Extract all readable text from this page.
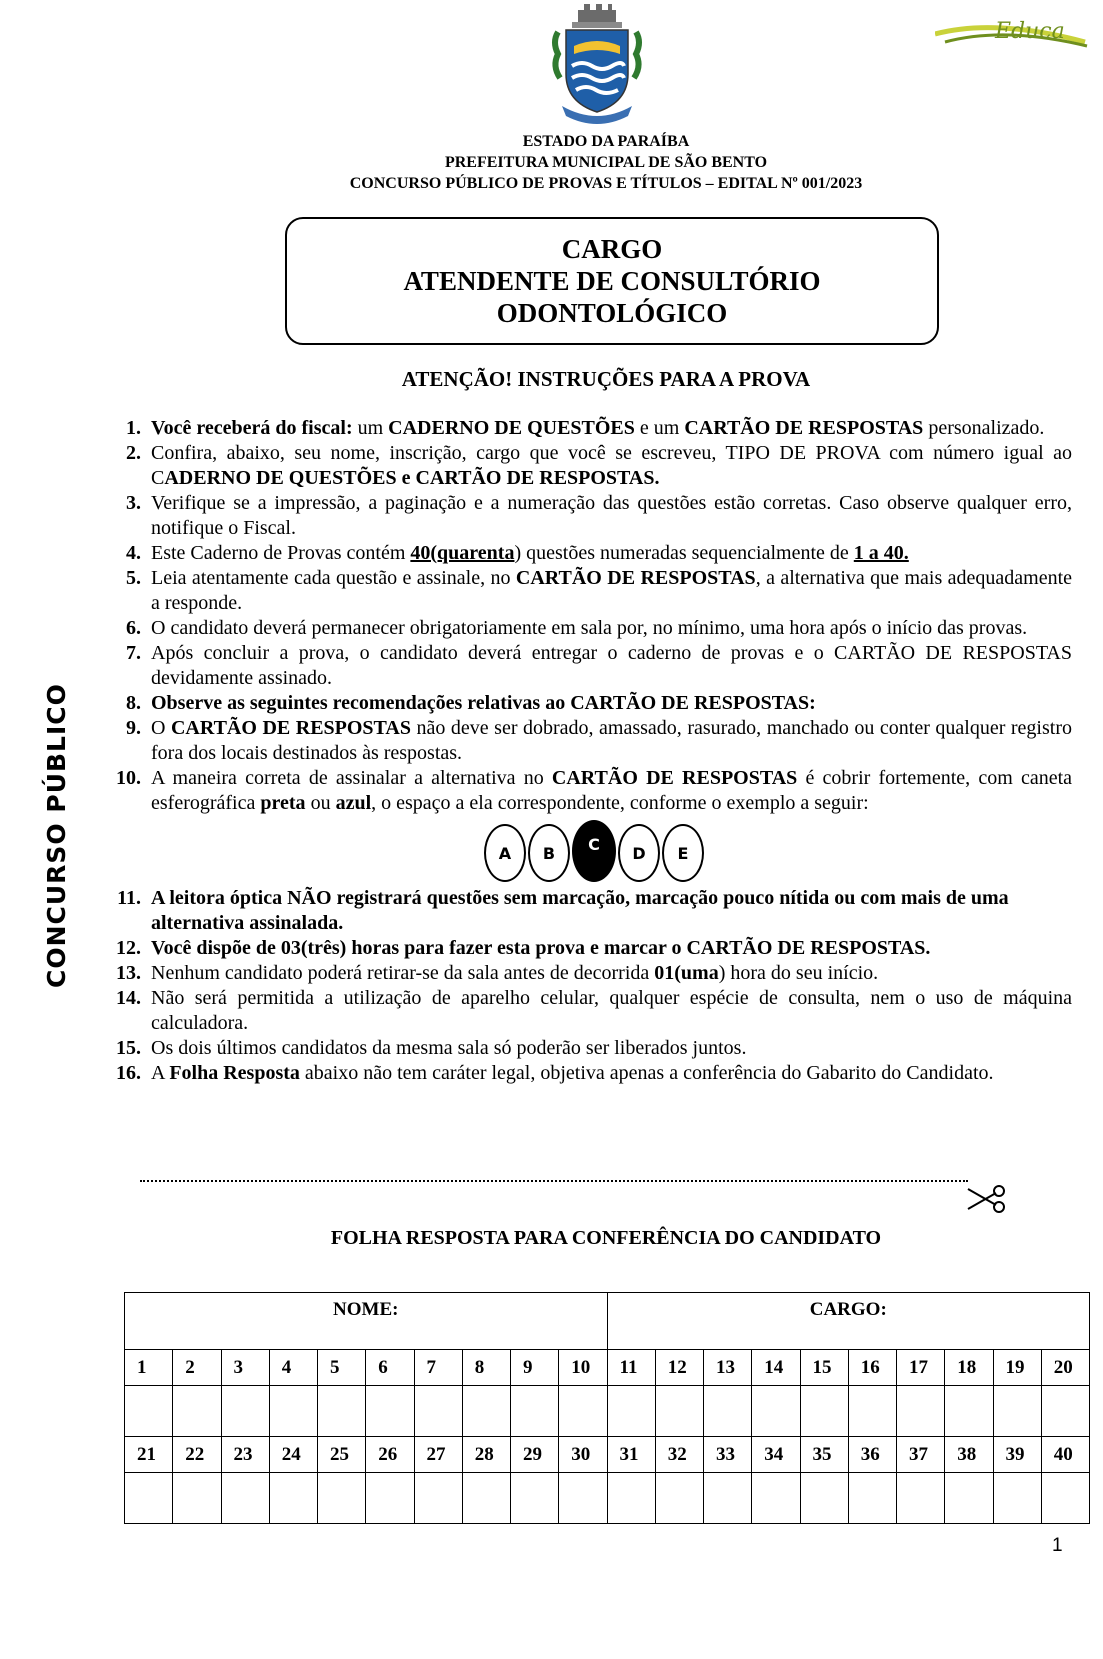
Educa
ESTADO DA PARAÍBA
PREFEITURA MUNICIPAL DE SÃO BENTO
CONCURSO PÚBLICO DE PROVAS E TÍTULOS – EDITAL Nº 001/2023
CARGO
ATENDENTE DE CONSULTÓRIO
ODONTOLÓGICO
ATENÇÃO! INSTRUÇÕES PARA A PROVA
1. Você receberá do fiscal: um CADERNO DE QUESTÕES e um CARTÃO DE RESPOSTAS personalizado.
2. Confira, abaixo, seu nome, inscrição, cargo que você se escreveu, TIPO DE PROVA com número igual ao CADERNO DE QUESTÕES e CARTÃO DE RESPOSTAS.
3. Verifique se a impressão, a paginação e a numeração das questões estão corretas. Caso observe qualquer erro, notifique o Fiscal.
4. Este Caderno de Provas contém 40(quarenta) questões numeradas sequencialmente de 1 a 40.
5. Leia atentamente cada questão e assinale, no CARTÃO DE RESPOSTAS, a alternativa que mais adequadamente a responde.
6. O candidato deverá permanecer obrigatoriamente em sala por, no mínimo, uma hora após o início das provas.
7. Após concluir a prova, o candidato deverá entregar o caderno de provas e o CARTÃO DE RESPOSTAS devidamente assinado.
8. Observe as seguintes recomendações relativas ao CARTÃO DE RESPOSTAS:
9. O CARTÃO DE RESPOSTAS não deve ser dobrado, amassado, rasurado, manchado ou conter qualquer registro fora dos locais destinados às respostas.
10. A maneira correta de assinalar a alternativa no CARTÃO DE RESPOSTAS é cobrir fortemente, com caneta esferográfica preta ou azul, o espaço a ela correspondente, conforme o exemplo a seguir:
A	B	C	D	E
11. A leitora óptica NÃO registrará questões sem marcação, marcação pouco nítida ou com mais de uma alternativa assinalada.
12. Você dispõe de 03(três) horas para fazer esta prova e marcar o CARTÃO DE RESPOSTAS.
13. Nenhum candidato poderá retirar-se da sala antes de decorrida 01(uma) hora do seu início.
14. Não será permitida a utilização de aparelho celular, qualquer espécie de consulta, nem o uso de máquina calculadora.
15. Os dois últimos candidatos da mesma sala só poderão ser liberados juntos.
16. A Folha Resposta abaixo não tem caráter legal, objetiva apenas a conferência do Gabarito do Candidato.
CONCURSO PÚBLICO
FOLHA RESPOSTA PARA CONFERÊNCIA DO CANDIDATO
NOME:										CARGO:									
1	2	3	4	5	6	7	8	9	10	11	12	13	14	15	16	17	18	19	20

21	22	23	24	25	26	27	28	29	30	31	32	33	34	35	36	37	38	39	40

1
